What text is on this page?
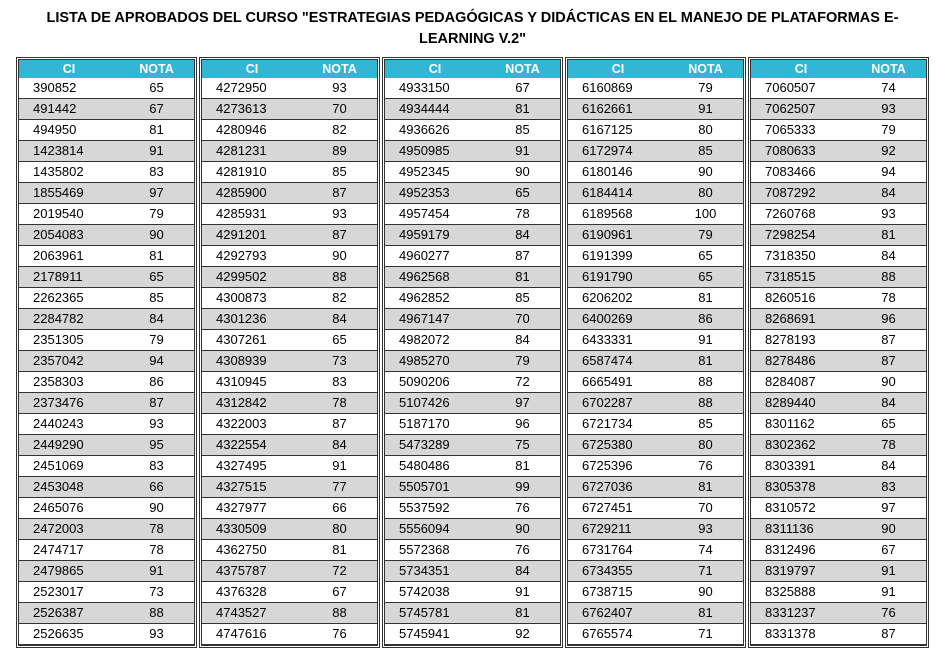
LISTA DE APROBADOS DEL CURSO "ESTRATEGIAS PEDAGÓGICAS Y DIDÁCTICAS EN EL MANEJO DE PLATAFORMAS E-
LEARNING V.2"
CI	NOTA
390852	65
491442	67
494950	81
1423814	91
1435802	83
1855469	97
2019540	79
2054083	90
2063961	81
2178911	65
2262365	85
2284782	84
2351305	79
2357042	94
2358303	86
2373476	87
2440243	93
2449290	95
2451069	83
2453048	66
2465076	90
2472003	78
2474717	78
2479865	91
2523017	73
2526387	88
2526635	93
CI	NOTA
4272950	93
4273613	70
4280946	82
4281231	89
4281910	85
4285900	87
4285931	93
4291201	87
4292793	90
4299502	88
4300873	82
4301236	84
4307261	65
4308939	73
4310945	83
4312842	78
4322003	87
4322554	84
4327495	91
4327515	77
4327977	66
4330509	80
4362750	81
4375787	72
4376328	67
4743527	88
4747616	76
CI	NOTA
4933150	67
4934444	81
4936626	85
4950985	91
4952345	90
4952353	65
4957454	78
4959179	84
4960277	87
4962568	81
4962852	85
4967147	70
4982072	84
4985270	79
5090206	72
5107426	97
5187170	96
5473289	75
5480486	81
5505701	99
5537592	76
5556094	90
5572368	76
5734351	84
5742038	91
5745781	81
5745941	92
CI	NOTA
6160869	79
6162661	91
6167125	80
6172974	85
6180146	90
6184414	80
6189568	100
6190961	79
6191399	65
6191790	65
6206202	81
6400269	86
6433331	91
6587474	81
6665491	88
6702287	88
6721734	85
6725380	80
6725396	76
6727036	81
6727451	70
6729211	93
6731764	74
6734355	71
6738715	90
6762407	81
6765574	71
CI	NOTA
7060507	74
7062507	93
7065333	79
7080633	92
7083466	94
7087292	84
7260768	93
7298254	81
7318350	84
7318515	88
8260516	78
8268691	96
8278193	87
8278486	87
8284087	90
8289440	84
8301162	65
8302362	78
8303391	84
8305378	83
8310572	97
8311136	90
8312496	67
8319797	91
8325888	91
8331237	76
8331378	87
